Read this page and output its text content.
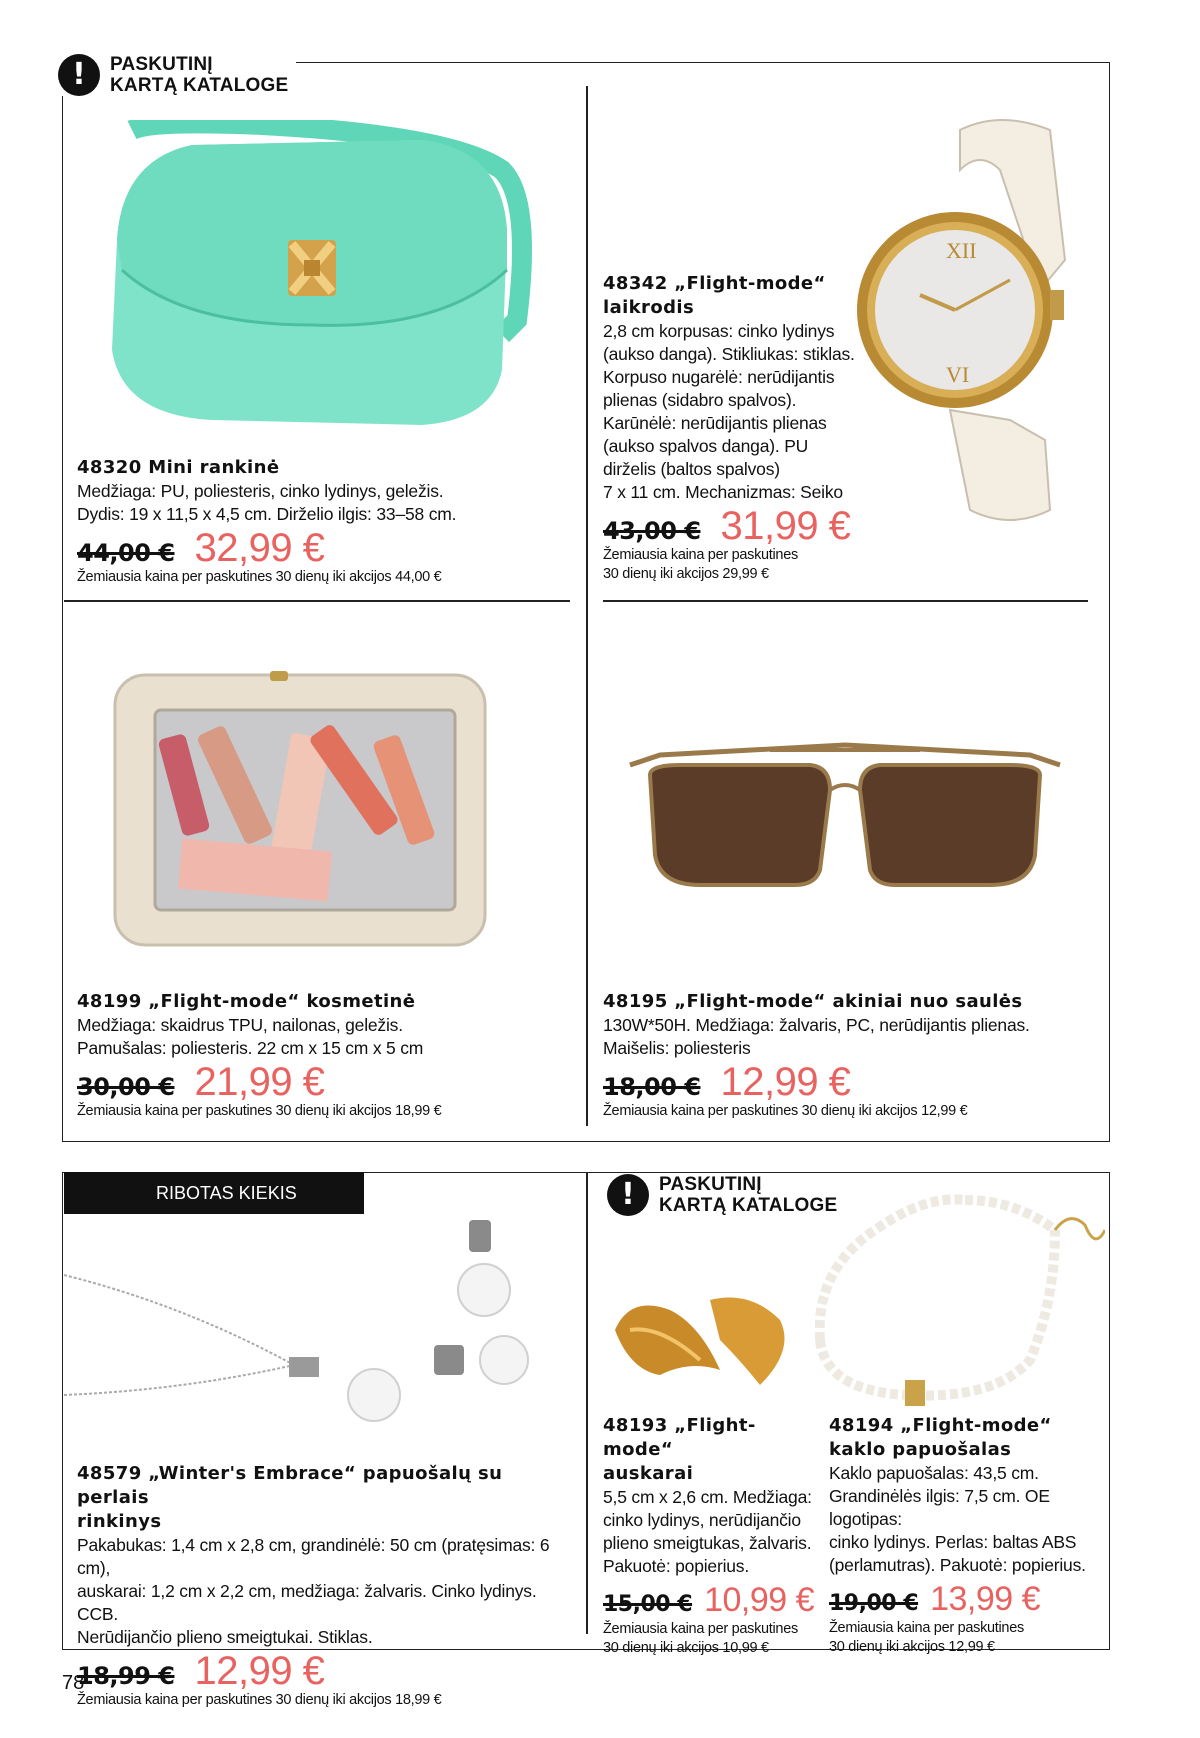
!	PASKUTINĮ
KARTĄ KATALOGE
48320 Mini rankinė
Medžiaga: PU, poliesteris, cinko lydinys, geležis.
Dydis: 19 x 11,5 x 4,5 cm. Dirželio ilgis: 33–58 cm.
44,00 € 32,99 €
Žemiausia kaina per paskutines 30 dienų iki akcijos 44,00 €
XII
VI
48342 „Flight-mode“ laikrodis
2,8 cm korpusas: cinko lydinys
(aukso danga). Stikliukas: stiklas.
Korpuso nugarėlė: nerūdijantis
plienas (sidabro spalvos).
Karūnėlė: nerūdijantis plienas
(aukso spalvos danga). PU
dirželis (baltos spalvos)
7 x 11 cm. Mechanizmas: Seiko
43,00 € 31,99 €
Žemiausia kaina per paskutines
30 dienų iki akcijos 29,99 €
48199 „Flight-mode“ kosmetinė
Medžiaga: skaidrus TPU, nailonas, geležis.
Pamušalas: poliesteris. 22 cm x 15 cm x 5 cm
30,00 € 21,99 €
Žemiausia kaina per paskutines 30 dienų iki akcijos 18,99 €
48195 „Flight-mode“ akiniai nuo saulės
130W*50H. Medžiaga: žalvaris, PC, nerūdijantis plienas.
Maišelis: poliesteris
18,00 € 12,99 €
Žemiausia kaina per paskutines 30 dienų iki akcijos 12,99 €
RIBOTAS KIEKIS	!	PASKUTINĮ
KARTĄ KATALOGE
48579 „Winter's Embrace“ papuošalų su perlais
rinkinys
Pakabukas: 1,4 cm x 2,8 cm, grandinėlė: 50 cm (pratęsimas: 6 cm),
auskarai: 1,2 cm x 2,2 cm, medžiaga: žalvaris. Cinko lydinys. CCB.
Nerūdijančio plieno smeigtukai. Stiklas.
18,99 € 12,99 €
Žemiausia kaina per paskutines 30 dienų iki akcijos 18,99 €
48193 „Flight-mode“
auskarai
5,5 cm x 2,6 cm. Medžiaga:
cinko lydinys, nerūdijančio
plieno smeigtukas, žalvaris.
Pakuotė: popierius.
15,00 € 10,99 €
Žemiausia kaina per paskutines
30 dienų iki akcijos 10,99 €
48194 „Flight-mode“
kaklo papuošalas
Kaklo papuošalas: 43,5 cm.
Grandinėlės ilgis: 7,5 cm. OE logotipas:
cinko lydinys. Perlas: baltas ABS
(perlamutras). Pakuotė: popierius.
19,00 € 13,99 €
Žemiausia kaina per paskutines
30 dienų iki akcijos 12,99 €
78
